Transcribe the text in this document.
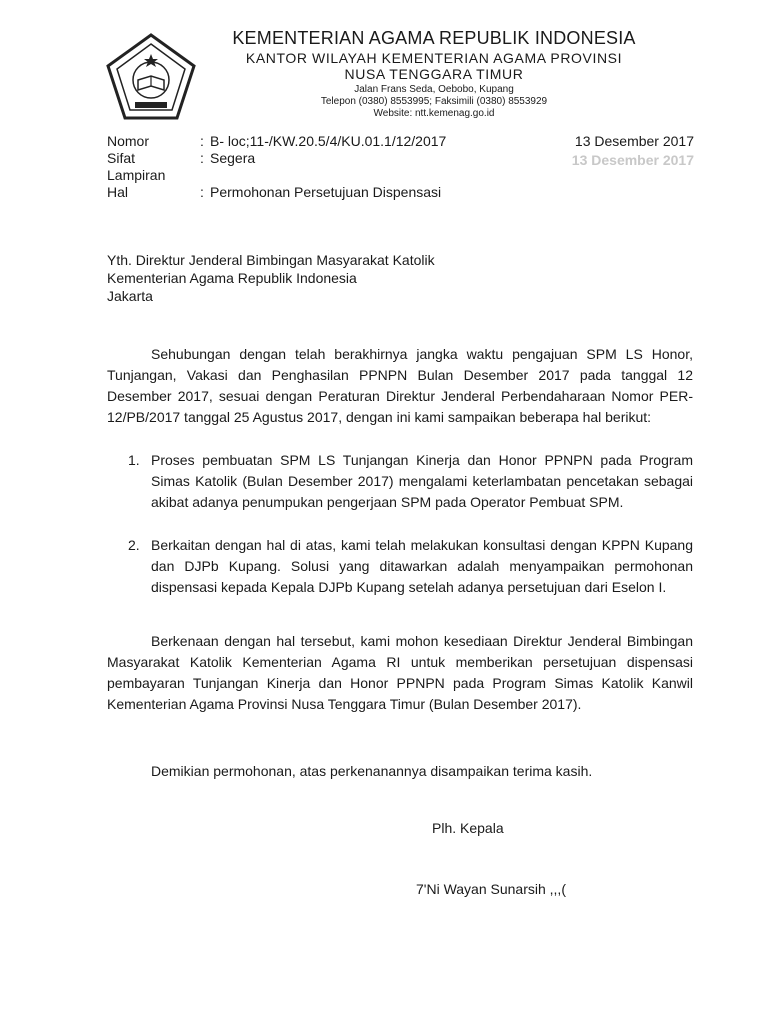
KEMENTERIAN AGAMA REPUBLIK INDONESIA
KANTOR WILAYAH KEMENTERIAN AGAMA PROVINSI
NUSA TENGGARA TIMUR
Jalan Frans Seda, Oebobo, Kupang
Telepon (0380) 8553995; Faksimili (0380) 8553929
Website: ntt.kemenag.go.id
Nomor	: B- loc;11-/KW.20.5/4/KU.01.1/12/2017	13 Desember 2017
Sifat	: Segera	13 Desember 2017
Lampiran
Hal	: Permohonan Persetujuan Dispensasi
Yth. Direktur Jenderal Bimbingan Masyarakat Katolik
Kementerian Agama Republik Indonesia
Jakarta
Sehubungan dengan telah berakhirnya jangka waktu pengajuan SPM LS Honor, Tunjangan, Vakasi dan Penghasilan PPNPN Bulan Desember 2017 pada tanggal 12 Desember 2017, sesuai dengan Peraturan Direktur Jenderal Perbendaharaan Nomor PER-12/PB/2017 tanggal 25 Agustus 2017, dengan ini kami sampaikan beberapa hal berikut:
1. Proses pembuatan SPM LS Tunjangan Kinerja dan Honor PPNPN pada Program Simas Katolik (Bulan Desember 2017) mengalami keterlambatan pencetakan sebagai akibat adanya penumpukan pengerjaan SPM pada Operator Pembuat SPM.
2. Berkaitan dengan hal di atas, kami telah melakukan konsultasi dengan KPPN Kupang dan DJPb Kupang. Solusi yang ditawarkan adalah menyampaikan permohonan dispensasi kepada Kepala DJPb Kupang setelah adanya persetujuan dari Eselon I.
Berkenaan dengan hal tersebut, kami mohon kesediaan Direktur Jenderal Bimbingan Masyarakat Katolik Kementerian Agama RI untuk memberikan persetujuan dispensasi pembayaran Tunjangan Kinerja dan Honor PPNPN pada Program Simas Katolik Kanwil Kementerian Agama Provinsi Nusa Tenggara Timur (Bulan Desember 2017).
Demikian permohonan, atas perkenanannya disampaikan terima kasih.
Plh. Kepala
7'Ni Wayan Sunarsih ,,,(
